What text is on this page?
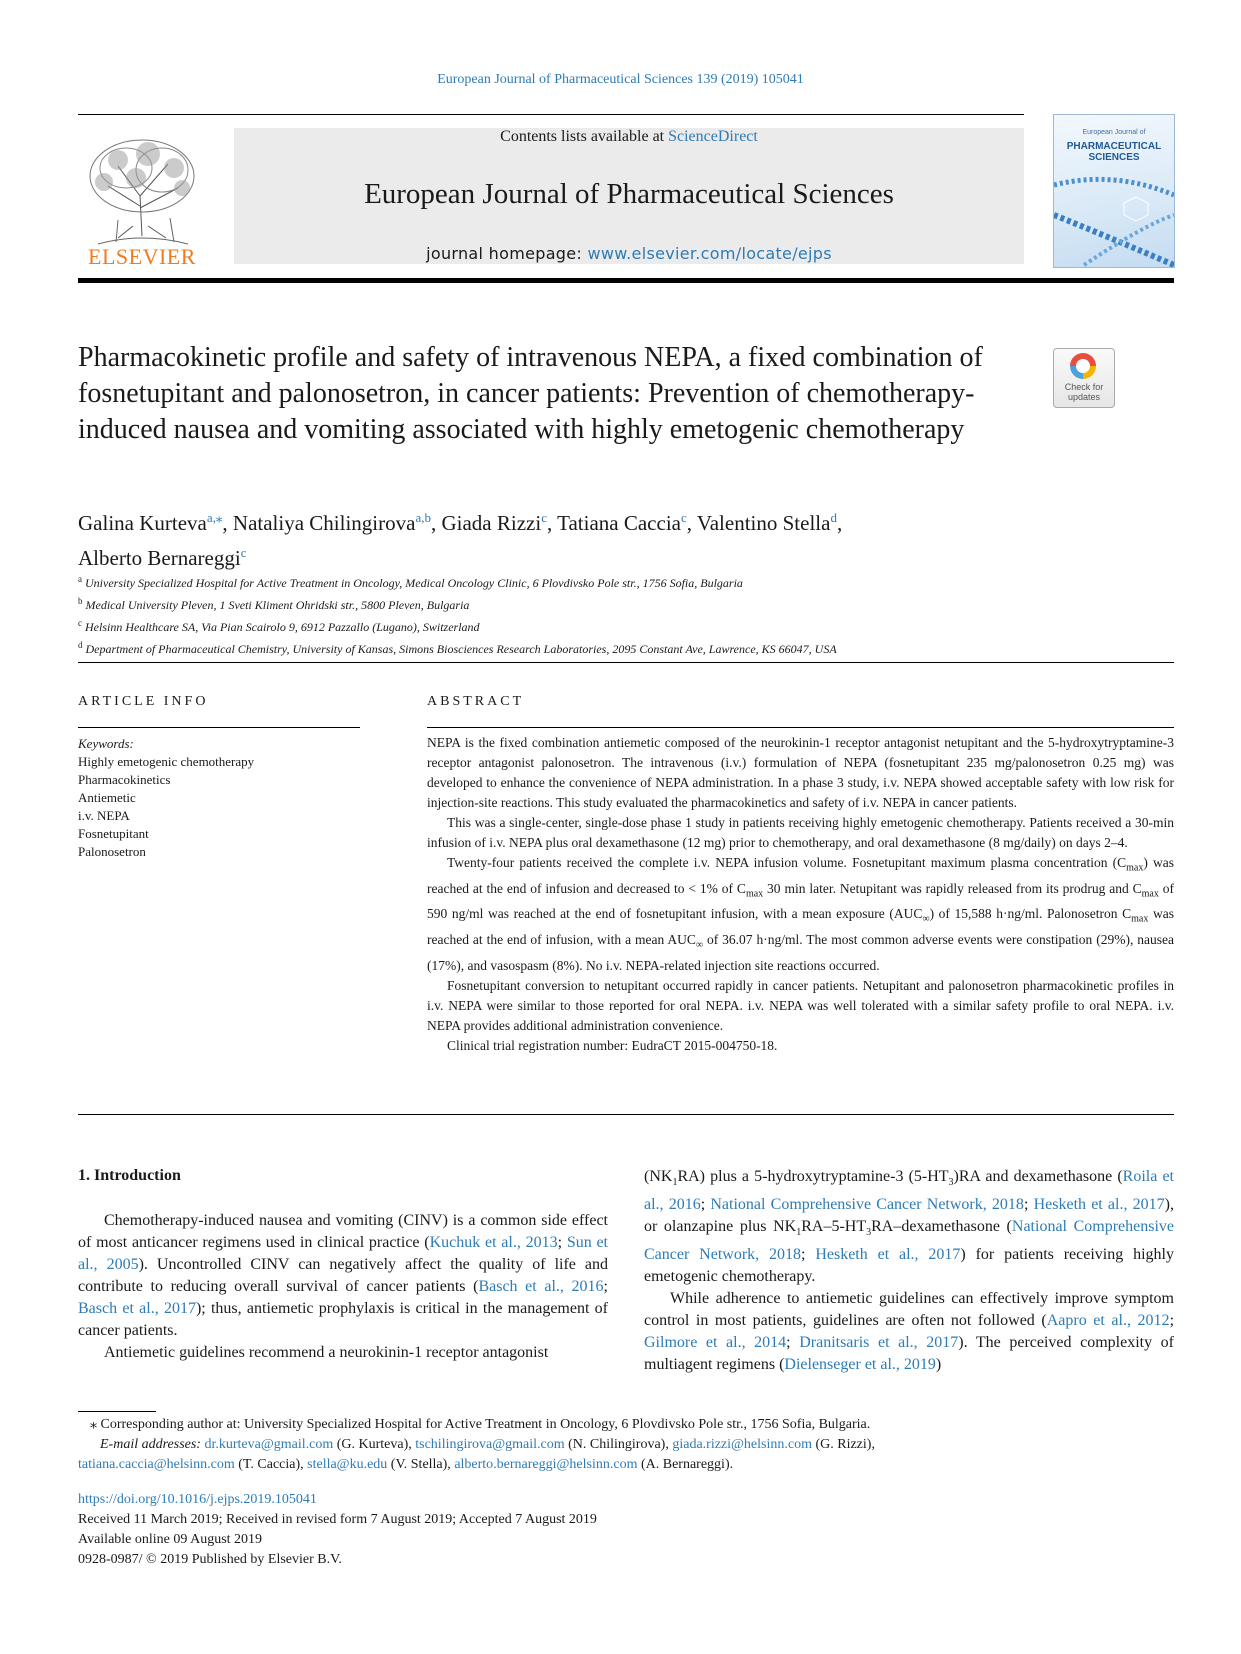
European Journal of Pharmaceutical Sciences 139 (2019) 105041
ELSEVIER
Contents lists available at ScienceDirect
European Journal of Pharmaceutical Sciences
journal homepage: www.elsevier.com/locate/ejps
European Journal of
PHARMACEUTICAL SCIENCES
Pharmacokinetic profile and safety of intravenous NEPA, a fixed combination of fosnetupitant and palonosetron, in cancer patients: Prevention of chemotherapy-induced nausea and vomiting associated with highly emetogenic chemotherapy
Check for updates
Galina Kurteva$^{a,⁎}$, Nataliya Chilingirova$^{a,b}$, Giada Rizzi$^c$, Tatiana Caccia$^c$, Valentino Stella$^d$,
Alberto Bernareggi$^c$
$^a$ University Specialized Hospital for Active Treatment in Oncology, Medical Oncology Clinic, 6 Plovdivsko Pole str., 1756 Sofia, Bulgaria
$^b$ Medical University Pleven, 1 Sveti Kliment Ohridski str., 5800 Pleven, Bulgaria
$^c$ Helsinn Healthcare SA, Via Pian Scairolo 9, 6912 Pazzallo (Lugano), Switzerland
$^d$ Department of Pharmaceutical Chemistry, University of Kansas, Simons Biosciences Research Laboratories, 2095 Constant Ave, Lawrence, KS 66047, USA
ARTICLE INFO	ABSTRACT
Keywords:
Highly emetogenic chemotherapy
Pharmacokinetics
Antiemetic
i.v. NEPA
Fosnetupitant
Palonosetron

NEPA is the fixed combination antiemetic composed of the neurokinin-1 receptor antagonist netupitant and the 5-hydroxytryptamine-3 receptor antagonist palonosetron. The intravenous (i.v.) formulation of NEPA (fosnetupitant 235 mg/palonosetron 0.25 mg) was developed to enhance the convenience of NEPA administration. In a phase 3 study, i.v. NEPA showed acceptable safety with low risk for injection-site reactions. This study evaluated the pharmacokinetics and safety of i.v. NEPA in cancer patients.

This was a single-center, single-dose phase 1 study in patients receiving highly emetogenic chemotherapy. Patients received a 30-min infusion of i.v. NEPA plus oral dexamethasone (12 mg) prior to chemotherapy, and oral dexamethasone (8 mg/daily) on days 2–4.

Twenty-four patients received the complete i.v. NEPA infusion volume. Fosnetupitant maximum plasma concentration $(C_{max})$ was reached at the end of infusion and decreased to < 1% of $C_{max}$ 30 min later. Netupitant was rapidly released from its prodrug and $C_{max}$ of 590 ng/ml was reached at the end of fosnetupitant infusion, with a mean exposure $(AUC_\infty)$ of 15,588 h·ng/ml. Palonosetron $C_{max}$ was reached at the end of infusion, with a mean $AUC_\infty$ of 36.07 h·ng/ml. The most common adverse events were constipation (29%), nausea (17%), and vasospasm (8%). No i.v. NEPA-related injection site reactions occurred.

Fosnetupitant conversion to netupitant occurred rapidly in cancer patients. Netupitant and palonosetron pharmacokinetic profiles in i.v. NEPA were similar to those reported for oral NEPA. i.v. NEPA was well tolerated with a similar safety profile to oral NEPA. i.v. NEPA provides additional administration convenience.

Clinical trial registration number: EudraCT 2015-004750-18.

1. Introduction

Chemotherapy-induced nausea and vomiting (CINV) is a common side effect of most anticancer regimens used in clinical practice (Kuchuk et al., 2013; Sun et al., 2005). Uncontrolled CINV can negatively affect the quality of life and contribute to reducing overall survival of cancer patients (Basch et al., 2016; Basch et al., 2017); thus, antiemetic prophylaxis is critical in the management of cancer patients.

Antiemetic guidelines recommend a neurokinin-1 receptor antagonist

$(NK_1RA)$ plus a 5-hydroxytryptamine-3 $(5-HT_3)RA$ and dexamethasone (Roila et al., 2016; National Comprehensive Cancer Network, 2018; Hesketh et al., 2017), or olanzapine plus $NK_1RA-5-HT_3RA$–dexamethasone (National Comprehensive Cancer Network, 2018; Hesketh et al., 2017) for patients receiving highly emetogenic chemotherapy.

While adherence to antiemetic guidelines can effectively improve symptom control in most patients, guidelines are often not followed (Aapro et al., 2012; Gilmore et al., 2014; Dranitsaris et al., 2017). The perceived complexity of multiagent regimens (Dielenseger et al., 2019)

⁎ Corresponding author at: University Specialized Hospital for Active Treatment in Oncology, 6 Plovdivsko Pole str., 1756 Sofia, Bulgaria.
E-mail addresses: dr.kurteva@gmail.com (G. Kurteva), tschilingirova@gmail.com (N. Chilingirova), giada.rizzi@helsinn.com (G. Rizzi),
tatiana.caccia@helsinn.com (T. Caccia), stella@ku.edu (V. Stella), alberto.bernareggi@helsinn.com (A. Bernareggi).
https://doi.org/10.1016/j.ejps.2019.105041
Received 11 March 2019; Received in revised form 7 August 2019; Accepted 7 August 2019
Available online 09 August 2019
0928-0987/ © 2019 Published by Elsevier B.V.
